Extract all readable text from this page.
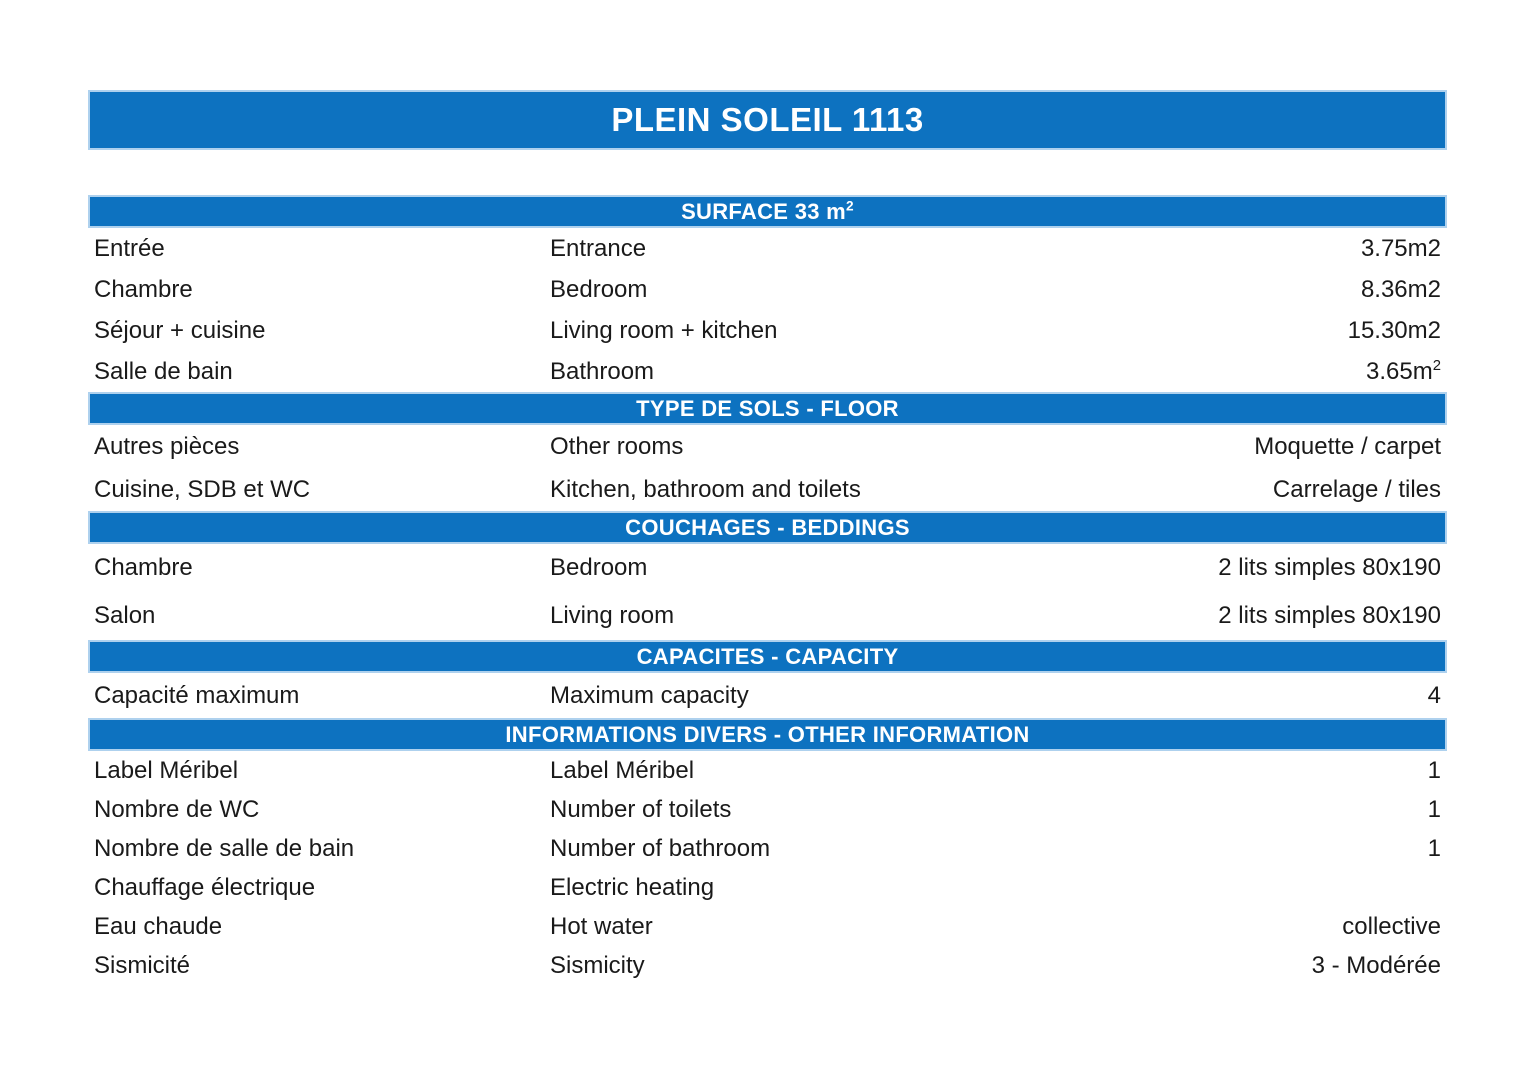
PLEIN SOLEIL 1113
SURFACE 33 $m^2$
Entrée	Entrance	3.75m2
Chambre	Bedroom	8.36m2
Séjour + cuisine	Living room + kitchen	15.30m2
Salle de bain	Bathroom	$3.65m^2$
TYPE DE SOLS - FLOOR
Autres pièces	Other rooms	Moquette / carpet
Cuisine, SDB et WC	Kitchen, bathroom and toilets	Carrelage / tiles
COUCHAGES - BEDDINGS
Chambre	Bedroom	2 lits simples 80x190
Salon	Living room	2 lits simples 80x190
CAPACITES - CAPACITY
Capacité maximum	Maximum capacity	4
INFORMATIONS DIVERS - OTHER INFORMATION
Label Méribel	Label Méribel	1
Nombre de WC	Number of toilets	1
Nombre de salle de bain	Number of bathroom	1
Chauffage électrique	Electric heating
Eau chaude	Hot water	collective
Sismicité	Sismicity	3 - Modérée
